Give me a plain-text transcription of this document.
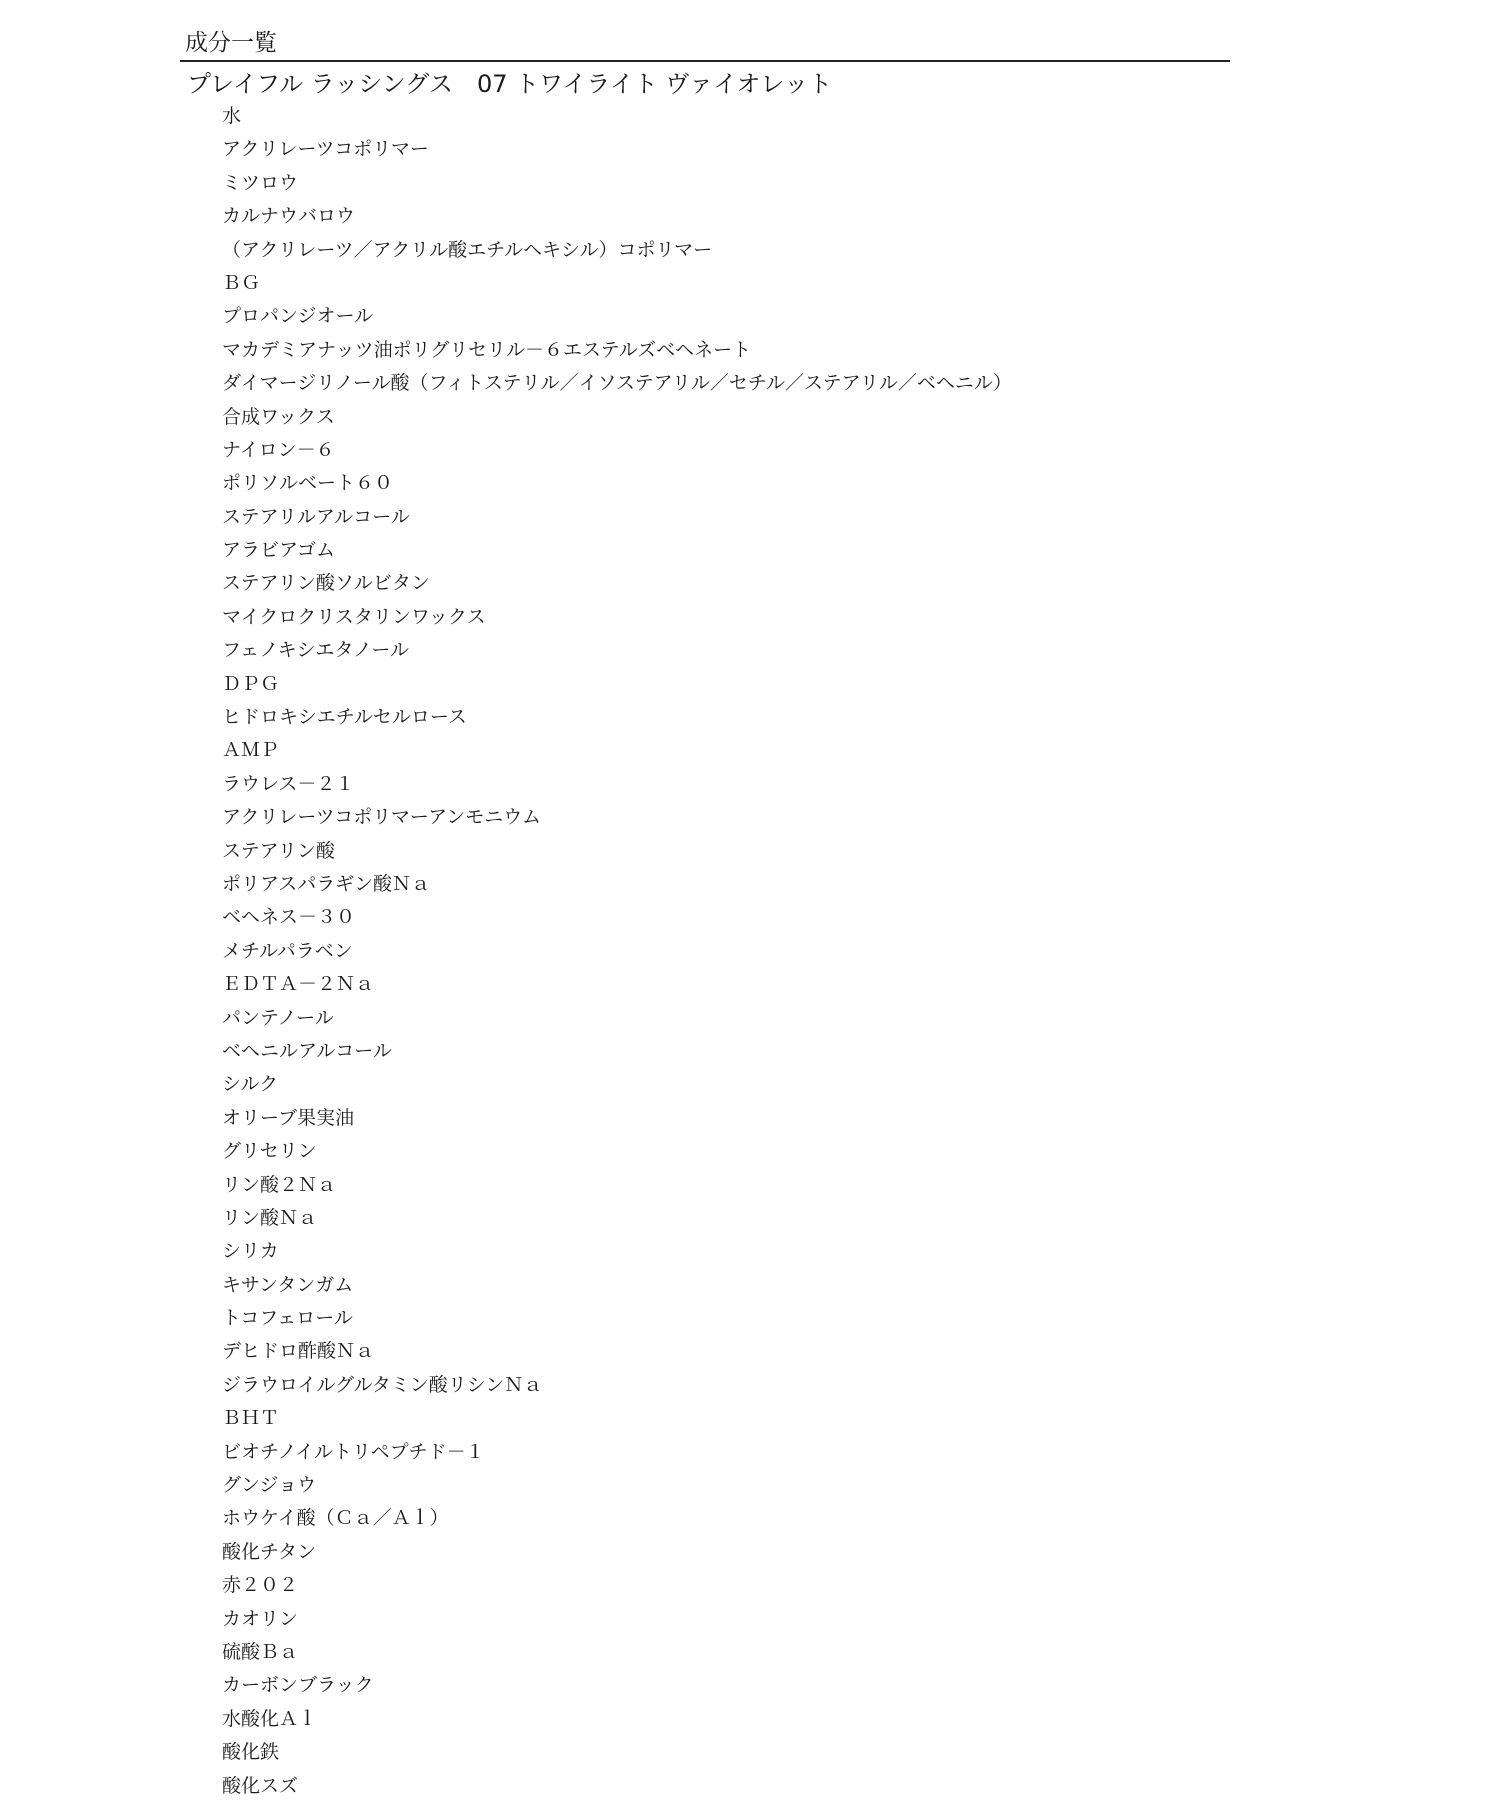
成分一覧
プレイフル ラッシングス　07 トワイライト ヴァイオレット
水
アクリレーツコポリマー
ミツロウ
カルナウバロウ
（アクリレーツ／アクリル酸エチルヘキシル）コポリマー
ＢＧ
プロパンジオール
マカデミアナッツ油ポリグリセリル－６エステルズベヘネート
ダイマージリノール酸（フィトステリル／イソステアリル／セチル／ステアリル／ベヘニル）
合成ワックス
ナイロン－６
ポリソルベート６０
ステアリルアルコール
アラビアゴム
ステアリン酸ソルビタン
マイクロクリスタリンワックス
フェノキシエタノール
ＤＰＧ
ヒドロキシエチルセルロース
ＡＭＰ
ラウレス－２１
アクリレーツコポリマーアンモニウム
ステアリン酸
ポリアスパラギン酸Ｎａ
ベヘネス－３０
メチルパラベン
ＥＤＴＡ－２Ｎａ
パンテノール
ベヘニルアルコール
シルク
オリーブ果実油
グリセリン
リン酸２Ｎａ
リン酸Ｎａ
シリカ
キサンタンガム
トコフェロール
デヒドロ酢酸Ｎａ
ジラウロイルグルタミン酸リシンＮａ
ＢＨＴ
ビオチノイルトリペプチド－１
グンジョウ
ホウケイ酸（Ｃａ／Ａｌ）
酸化チタン
赤２０２
カオリン
硫酸Ｂａ
カーボンブラック
水酸化Ａｌ
酸化鉄
酸化スズ
